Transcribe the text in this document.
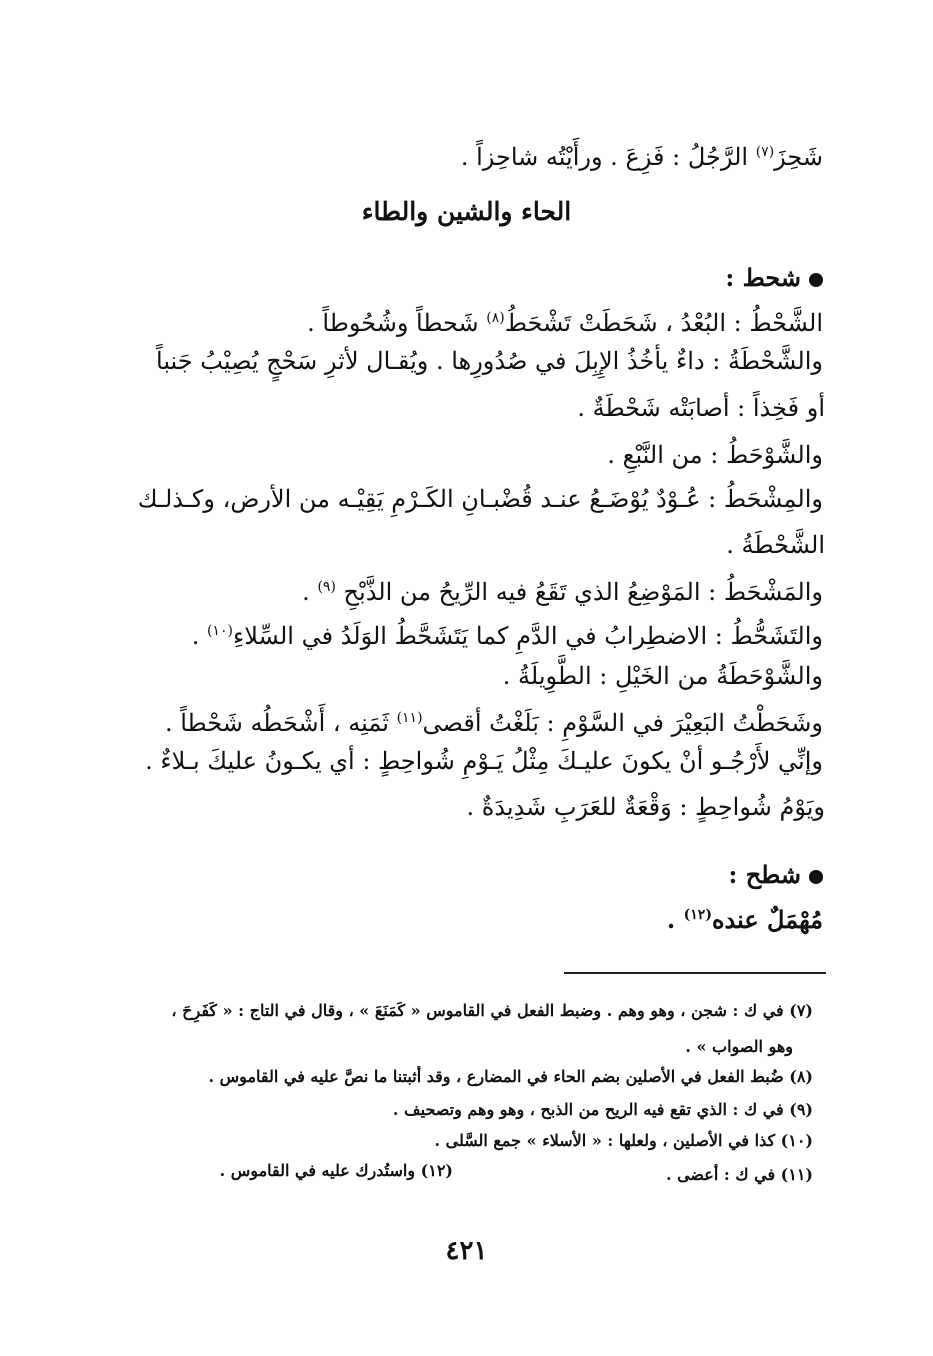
شَحِزَ$^{(٧)}$ الرَّجُلُ : فَزِعَ . ورأَيْتُه شاحِزاً .
الحاء والشين والطاء
شحط :
الشَّحْطُ : البُعْدُ ، شَحَطَتْ تَشْحَطُ$^{(٨)}$ شَحطاً وشُحُوطاً .
والشَّحْطَةُ : داءٌ يأخُذُ الإِبِلَ في صُدُورِها . ويُقـال لأثرِ سَحْجٍ يُصِيْبُ جَنباً
أو فَخِذاً : أصابَتْه شَحْطَةٌ .
والشَّوْحَطُ : من النَّبْعِ .
والمِشْحَطُ : عُـوْدٌ يُوْضَـعُ عنـد قُضْبـانِ الكَـرْمِ يَقِيْـه من الأرض، وكـذلـك
الشَّحْطَةُ .
والمَشْحَطُ : المَوْضِعُ الذي تَقَعُ فيه الرِّيحُ من الذَّبْحِ $^{(٩)}$ .
والتَشَحُّطُ : الاضطِرابُ في الدَّمِ كما يَتَشَحَّطُ الوَلَدُ في السِّلاءِ$^{(١٠)}$ .
والشَّوْحَطَةُ من الخَيْلِ : الطَّوِيلَةُ .
وشَحَطْتُ البَعِيْرَ في السَّوْمِ : بَلَغْتُ أقصى$^{(١١)}$ ثَمَنِه ، أَشْحَطُه شَحْطاً .
وإنِّي لأَرْجُـو أنْ يكونَ عليـكَ مِثْلُ يَـوْمِ شُواحِطٍ : أي يكـونُ عليكَ بـلاءٌ .
ويَوْمُ شُواحِطٍ : وَقْعَةٌ للعَرَبِ شَدِيدَةٌ .
شطح :
مُهْمَلٌ عنده$^{(١٢)}$ .
(٧) في ك : شجن ، وهو وهم . وضبط الفعل في القاموس « كَمَنَعَ » ، وقال في التاج : « كَفَرِحَ ،
وهو الصواب » .
(٨) ضُبط الفعل في الأصلين بضم الحاء في المضارع ، وقد أثبتنا ما نصَّ عليه في القاموس .
(٩) في ك : الذي تقع فيه الريح من الذبح ، وهو وهم وتصحيف .
(١٠) كذا في الأصلين ، ولعلها : « الأسلاء » جمع السَّلى .
(١١) في ك : أعضى .
(١٢) واستُدرك عليه في القاموس .
٤٢١
